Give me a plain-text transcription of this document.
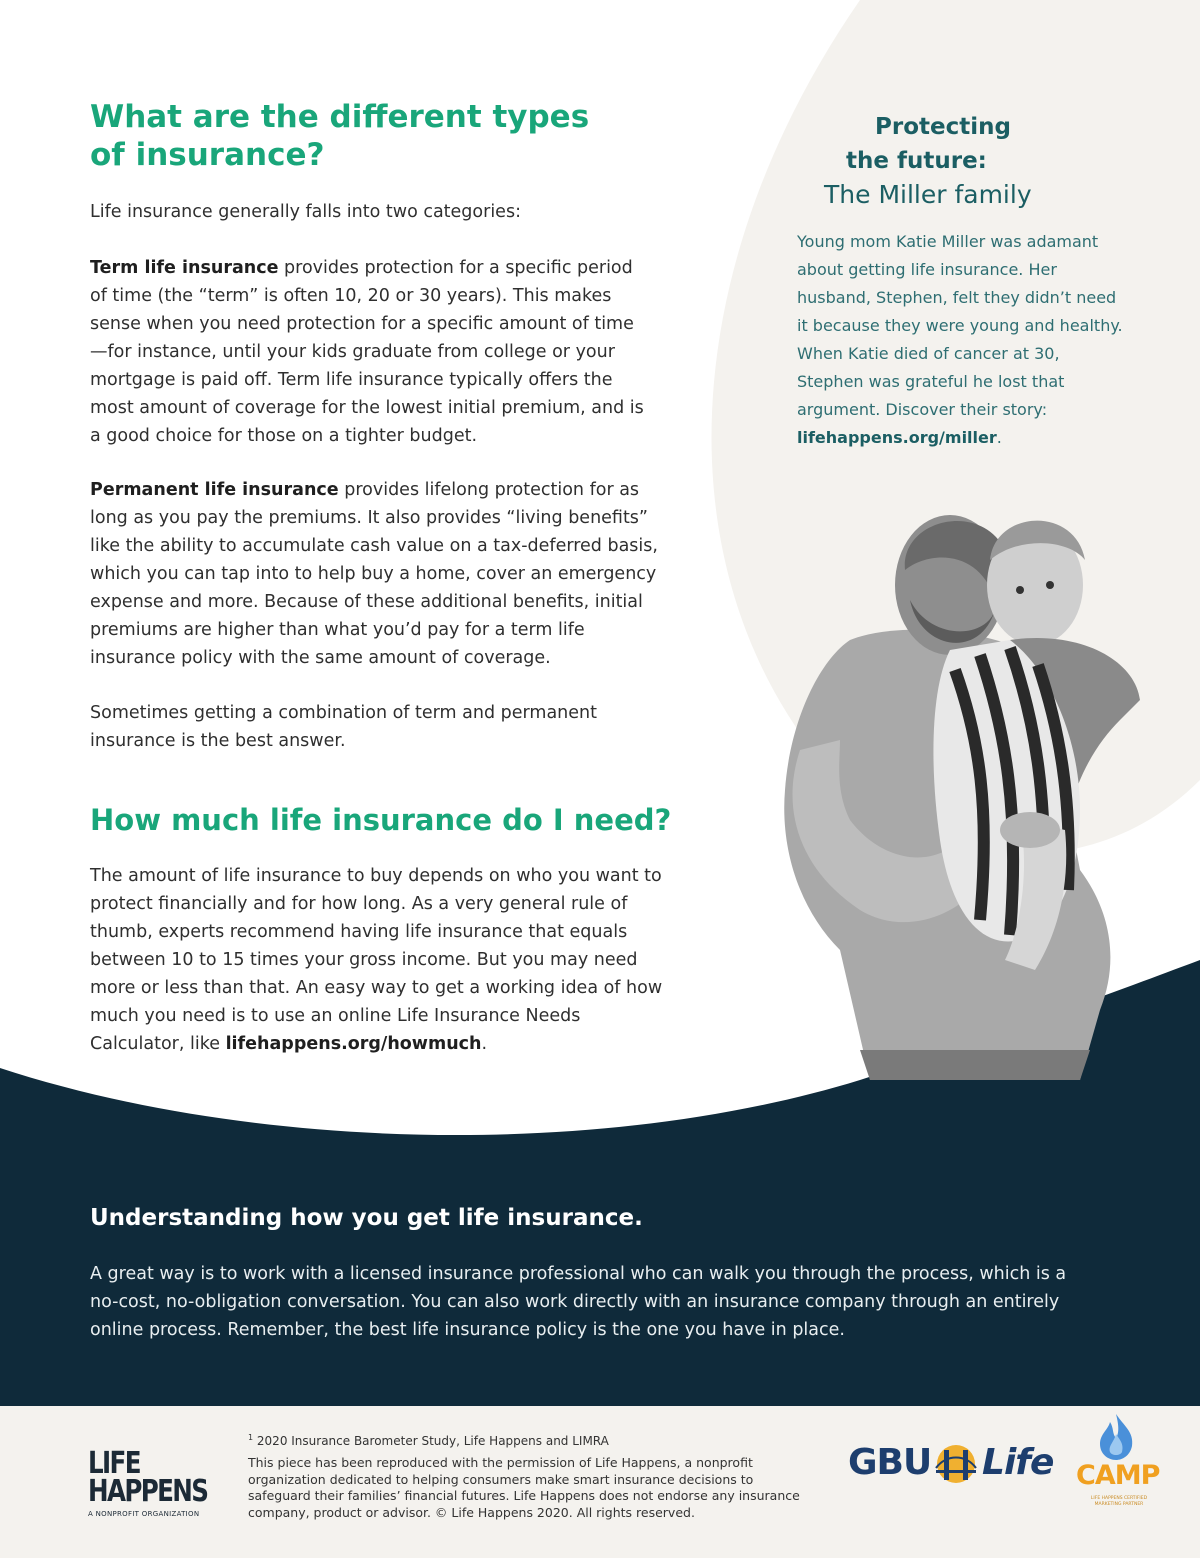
What are the different types
of insurance?

Life insurance generally falls into two categories:

Term life insurance provides protection for a specific period of time (the “term” is often 10, 20 or 30 years). This makes sense when you need protection for a specific amount of time—for instance, until your kids graduate from college or your mortgage is paid off. Term life insurance typically offers the most amount of coverage for the lowest initial premium, and is a good choice for those on a tighter budget.

Permanent life insurance provides lifelong protection for as long as you pay the premiums. It also provides “living benefits” like the ability to accumulate cash value on a tax-deferred basis, which you can tap into to help buy a home, cover an emergency expense and more. Because of these additional benefits, initial premiums are higher than what you’d pay for a term life insurance policy with the same amount of coverage.

Sometimes getting a combination of term and permanent insurance is the best answer.

How much life insurance do I need?

The amount of life insurance to buy depends on who you want to protect financially and for how long. As a very general rule of thumb, experts recommend having life insurance that equals between 10 to 15 times your gross income. But you may need more or less than that. An easy way to get a working idea of how much you need is to use an online Life Insurance Needs Calculator, like lifehappens.org/howmuch.

Protecting

the future:

The Miller family

Young mom Katie Miller was adamant about getting life insurance. Her husband, Stephen, felt they didn’t need it because they were young and healthy. When Katie died of cancer at 30, Stephen was grateful he lost that argument. Discover their story: lifehappens.org/miller.

Understanding how you get life insurance.

A great way is to work with a licensed insurance professional who can walk you through the process, which is a no-cost, no-obligation conversation. You can also work directly with an insurance company through an entirely online process. Remember, the best life insurance policy is the one you have in place.

LIFE
HAPPENS
A NONPROFIT ORGANIZATION

$^1$ 2020 Insurance Barometer Study, Life Happens and LIMRA

This piece has been reproduced with the permission of Life Happens, a nonprofit organization dedicated to helping consumers make smart insurance decisions to safeguard their families’ financial futures. Life Happens does not endorse any insurance company, product or advisor. © Life Happens 2020. All rights reserved.

GBU Life CAMP
LIFE HAPPENS CERTIFIED MARKETING PARTNER
